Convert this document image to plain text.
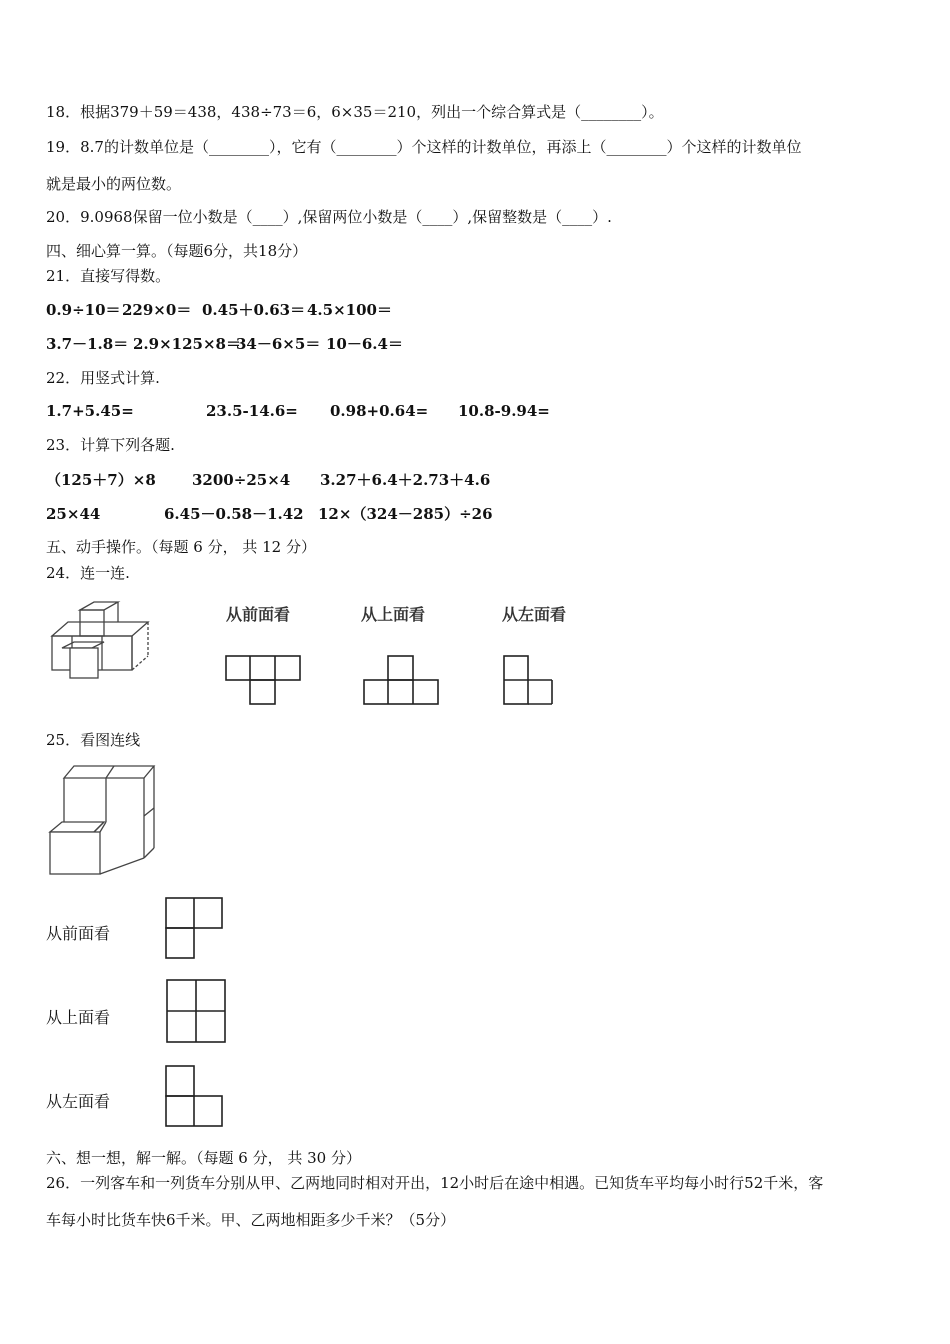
18．根据379＋59＝438，438÷73＝6，6×35＝210，列出一个综合算式是（________）。
19．8.7的计数单位是（________），它有（________）个这样的计数单位，再添上（________）个这样的计数单位
就是最小的两位数。
20．9.0968保留一位小数是（____）,保留两位小数是（____）,保留整数是（____）.
四、细心算一算。（每题6分，共18分）
21．直接写得数。
0.9÷10＝ 229×0＝ 0.45＋0.63＝ 4.5×100＝
3.7－1.8＝ 2.9×125×8＝
34－6×5＝ 10－6.4＝
22．用竖式计算.
1.7+5.45=	23.5-14.6= 0.98+0.64= 10.8-9.94=
23．计算下列各题.
（125＋7）×8 3200÷25×4 3.27＋6.4＋2.73＋4.6
25×44	6.45－0.58－1.42 12×（324－285）÷26
五、动手操作。（每题 6 分， 共 12 分）
24．连一连.
从前面看	从上面看	从左面看
25．看图连线
从前面看
从上面看
从左面看
六、想一想，解一解。（每题 6 分， 共 30 分）
26．一列客车和一列货车分别从甲、乙两地同时相对开出，12小时后在途中相遇。已知货车平均每小时行52千米，客
车每小时比货车快6千米。甲、乙两地相距多少千米？（5分）
